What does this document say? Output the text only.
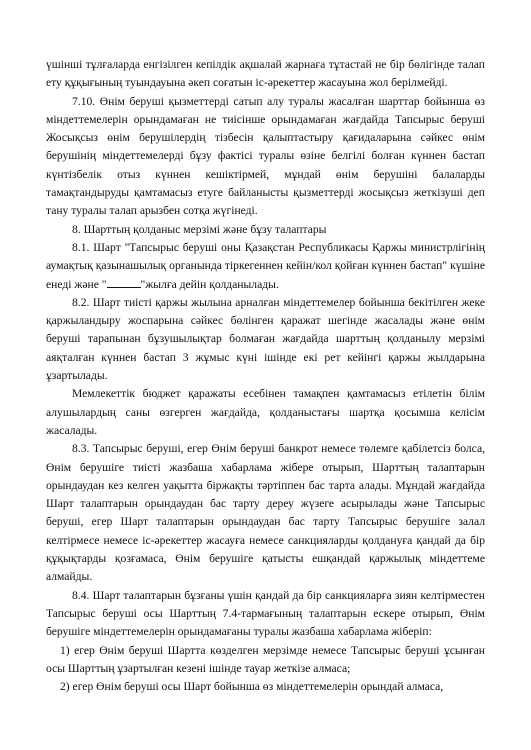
үшінші тұлғаларда енгізілген кепілдік ақшалай жарнаға тұтастай не бір бөлігінде талап ету құқығының туындауына әкеп соғатын іс-әрекеттер жасауына жол берілмейді.

7.10. Өнім беруші қызметтерді сатып алу туралы жасалған шарттар бойынша өз міндеттемелерін орындамаған не тиісінше орындамаған жағдайда Тапсырыс беруші Жосықсыз өнім берушілердің тізбесін қалыптастыру қағидаларына сәйкес өнім берушінің міндеттемелерді бұзу фактісі туралы өзіне белгілі болған күннен бастап күнтізбелік отыз күннен кешіктірмей, мұндай өнім берушіні балаларды тамақтандыруды қамтамасыз етуге байланысты қызметтерді жосықсыз жеткізуші деп тану туралы талап арызбен сотқа жүгінеді.

8. Шарттың қолданыс мерзімі және бұзу талаптары

8.1. Шарт "Тапсырыс беруші оны Қазақстан Республикасы Қаржы министрлігінің аумақтық қазынашылық органында тіркегеннен кейін/кол қойған күннен бастап" күшіне енеді және "	"жылға дейін қолданылады.

8.2. Шарт тиісті қаржы жылына арналған міндеттемелер бойынша бекітілген жеке қаржыландыру жоспарына сәйкес бөлінген қаражат шегінде жасалады және өнім беруші тарапынан бұзушылықтар болмаған жағдайда шарттың қолданылу мерзімі аяқталған күннен бастап 3 жұмыс күні ішінде екі рет кейінгі қаржы жылдарына ұзартылады.

Мемлекеттік бюджет қаражаты есебінен тамақпен қамтамасыз етілетін білім алушылардың саны өзгерген жағдайда, қолданыстағы шартқа қосымша келісім жасалады.

8.3. Тапсырыс беруші, егер Өнім беруші банкрот немесе төлемге қабілетсіз болса, Өнім берушіге тиісті жазбаша хабарлама жібере отырып, Шарттың талаптарын орындаудан кез келген уақытта біржақты тәртіппен бас тарта алады. Мұндай жағдайда Шарт талаптарын орындаудан бас тарту дереу жүзеге асырылады және Тапсырыс беруші, егер Шарт талаптарын орындаудан бас тарту Тапсырыс берушіге залал келтірмесе немесе іс-әрекеттер жасауға немесе санкцияларды қолдануға қандай да бір құқықтарды қозғамаса, Өнім берушіге қатысты ешқандай қаржылық міндеттеме алмайды.

8.4. Шарт талаптарын бұзғаны үшін қандай да бір санкцияларға зиян келтірместен Тапсырыс беруші осы Шарттың 7.4-тармағының талаптарын ескере отырып, Өнім берушіге міндеттемелерін орындамағаны туралы жазбаша хабарлама жіберіп:

1) егер Өнім беруші Шартта көзделген мерзімде немесе Тапсырыс беруші ұсынған осы Шарттың ұзартылған кезені ішінде тауар жеткізе алмаса;

2) егер Өнім беруші осы Шарт бойынша өз міндеттемелерін орындай алмаса,
